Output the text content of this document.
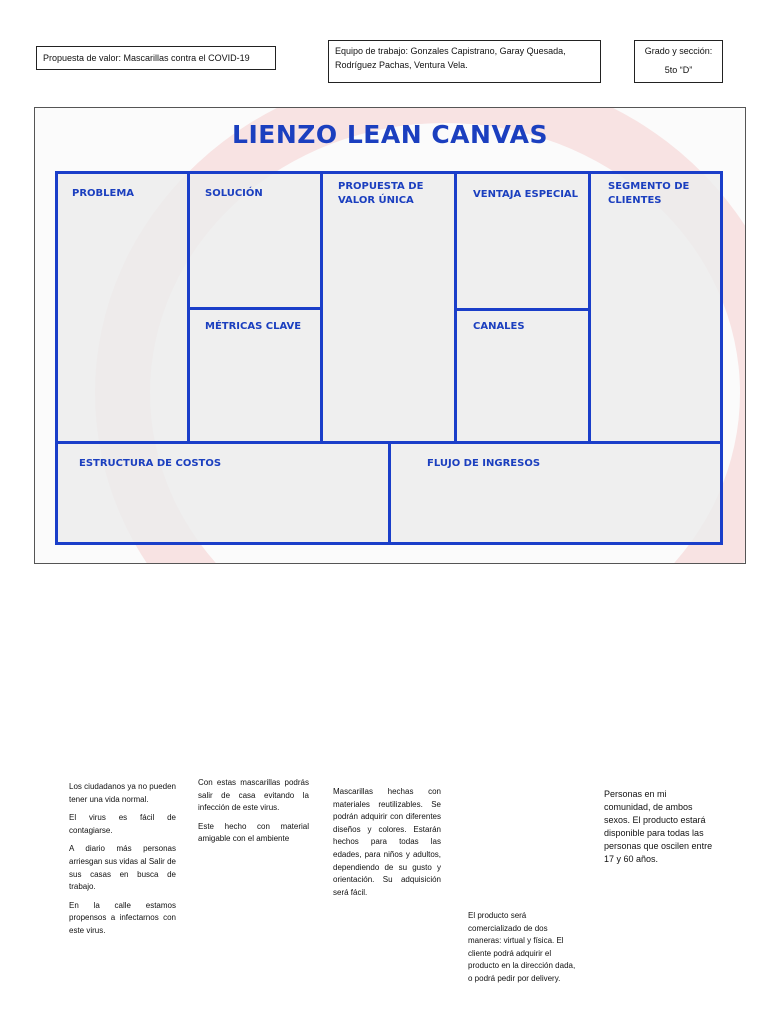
Propuesta de valor: Mascarillas contra el COVID-19
Equipo de trabajo: Gonzales Capistrano, Garay Quesada,
Rodríguez Pachas, Ventura Vela.
Grado y sección:
5to “D”
LIENZO LEAN CANVAS
PROBLEMA	SOLUCIÓN
PROPUESTA DE
VALOR ÚNICA
VENTAJA ESPECIAL
SEGMENTO DE
CLIENTES
MÉTRICAS CLAVE	CANALES
ESTRUCTURA DE COSTOS	FLUJO DE INGRESOS

Los ciudadanos ya no pueden tener una vida normal.

El virus es fácil de contagiarse.

A diario más personas arriesgan sus vidas al Salir de sus casas en busca de trabajo.

En la calle estamos propensos a infectarnos con este virus.

Con estas mascarillas podrás salir de casa evitando la infección de este virus.

Este hecho con material amigable con el ambiente

Mascarillas hechas con materiales reutilizables. Se podrán adquirir con diferentes diseños y colores. Estarán hechos para todas las edades, para niños y adultos, dependiendo de su gusto y orientación. Su adquisición será fácil.

El producto será comercializado de dos maneras: virtual y física. El cliente podrá adquirir el producto en la dirección dada, o podrá pedir por delivery.

Personas en mi comunidad, de ambos sexos. El producto estará disponible para todas las personas que oscilen entre 17 y 60 años.
